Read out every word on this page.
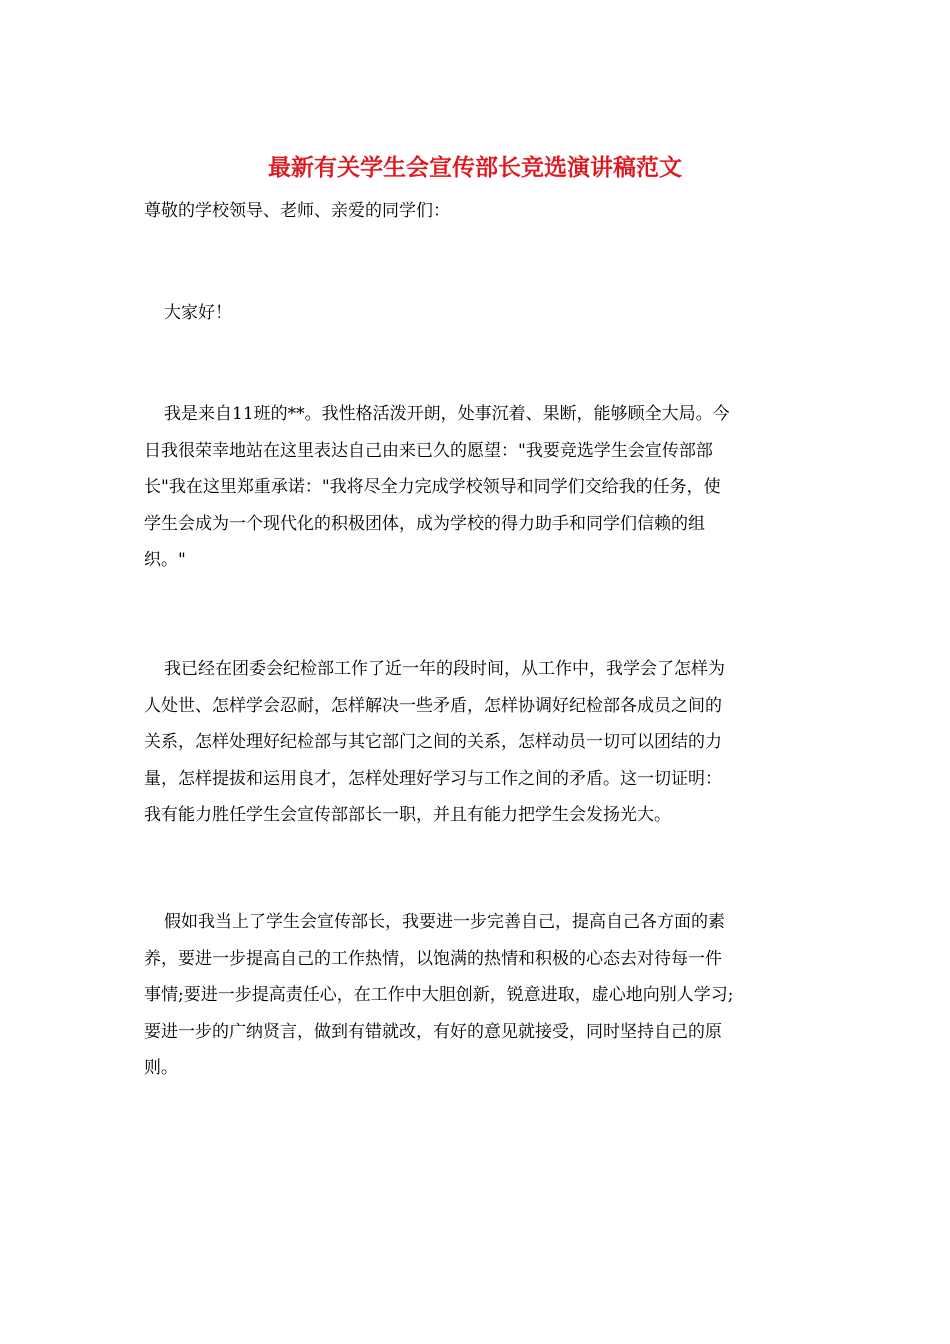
最新有关学生会宣传部长竞选演讲稿范文
尊敬的学校领导、老师、亲爱的同学们：
大家好！
我是来自11班的**。我性格活泼开朗，处事沉着、果断，能够顾全大局。今
日我很荣幸地站在这里表达自己由来已久的愿望："我要竞选学生会宣传部部
长"我在这里郑重承诺："我将尽全力完成学校领导和同学们交给我的任务，使
学生会成为一个现代化的积极团体，成为学校的得力助手和同学们信赖的组
织。"
我已经在团委会纪检部工作了近一年的段时间，从工作中，我学会了怎样为
人处世、怎样学会忍耐，怎样解决一些矛盾，怎样协调好纪检部各成员之间的
关系，怎样处理好纪检部与其它部门之间的关系，怎样动员一切可以团结的力
量，怎样提拔和运用良才，怎样处理好学习与工作之间的矛盾。这一切证明：
我有能力胜任学生会宣传部部长一职，并且有能力把学生会发扬光大。
假如我当上了学生会宣传部长，我要进一步完善自己，提高自己各方面的素
养，要进一步提高自己的工作热情，以饱满的热情和积极的心态去对待每一件
事情;要进一步提高责任心，在工作中大胆创新，锐意进取，虚心地向别人学习;
要进一步的广纳贤言，做到有错就改，有好的意见就接受，同时坚持自己的原
则。
